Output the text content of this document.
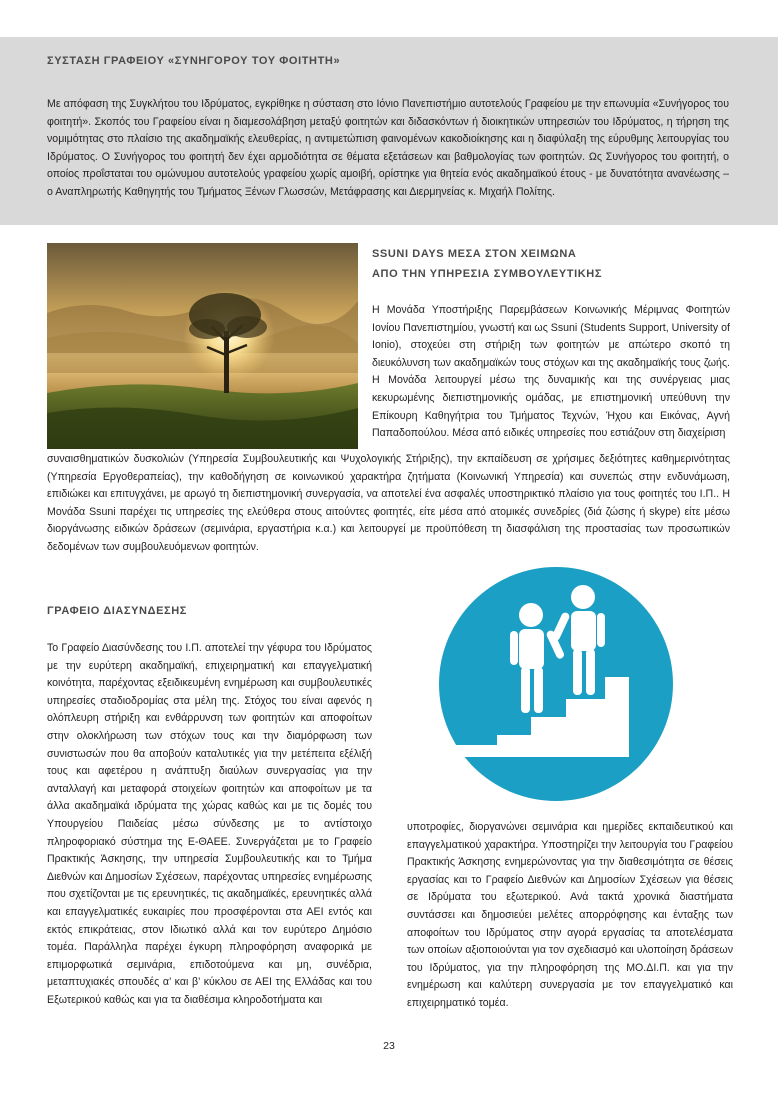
ΣΥΣΤΑΣΗ ΓΡΑΦΕΙΟΥ «ΣΥΝΗΓΟΡΟΥ ΤΟΥ ΦΟΙΤΗΤΗ»

Με απόφαση της Συγκλήτου του Ιδρύματος, εγκρίθηκε η σύσταση στο Ιόνιο Πανεπιστήμιο αυτοτελούς Γραφείου με την επωνυμία «Συνήγορος του φοιτητή». Σκοπός του Γραφείου είναι η διαμεσολάβηση μεταξύ φοιτητών και διδασκόντων ή διοικητικών υπηρεσιών του Ιδρύματος, η τήρηση της νομιμότητας στο πλαίσιο της ακαδημαϊκής ελευθερίας, η αντιμετώπιση φαινομένων κακοδιοίκησης και η διαφύλαξη της εύρυθμης λειτουργίας του Ιδρύματος. Ο Συνήγορος του φοιτητή δεν έχει αρμοδιότητα σε θέματα εξετάσεων και βαθμολογίας των φοιτητών. Ως Συνήγορος του φοιτητή, ο οποίος προΐσταται του ομώνυμου αυτοτελούς γραφείου χωρίς αμοιβή, ορίστηκε για θητεία ενός ακαδημαϊκού έτους - με δυνατότητα ανανέωσης – ο Αναπληρωτής Καθηγητής του Τμήματος Ξένων Γλωσσών, Μετάφρασης και Διερμηνείας κ. Μιχαήλ Πολίτης.

SSUNI DAYS ΜΕΣΑ ΣΤΟΝ ΧΕΙΜΩΝΑ
ΑΠΟ ΤΗΝ ΥΠΗΡΕΣΙΑ ΣΥΜΒΟΥΛΕΥΤΙΚΗΣ

Η Μονάδα Υποστήριξης Παρεμβάσεων Κοινωνικής Μέριμνας Φοιτητών Ιονίου Πανεπιστημίου, γνωστή και ως Ssuni (Students Support, University of Ionio), στοχεύει στη στήριξη των φοιτητών με απώτερο σκοπό τη διευκόλυνση των ακαδημαϊκών τους στόχων και της ακαδημαϊκής τους ζωής. Η Μονάδα λειτουργεί μέσω της δυναμικής και της συνέργειας μιας κεκυρωμένης διεπιστημονικής ομάδας, με επιστημονική υπεύθυνη την Επίκουρη Καθηγήτρια του Τμήματος Τεχνών, Ήχου και Εικόνας, Αγνή Παπαδοπούλου. Μέσα από ειδικές υπηρεσίες που εστιάζουν στη διαχείριση

συναισθηματικών δυσκολιών (Υπηρεσία Συμβουλευτικής και Ψυχολογικής Στήριξης), την εκπαίδευση σε χρήσιμες δεξιότητες καθημερινότητας (Υπηρεσία Εργοθεραπείας), την καθοδήγηση σε κοινωνικού χαρακτήρα ζητήματα (Κοινωνική Υπηρεσία) και συνεπώς στην ενδυνάμωση, επιδιώκει και επιτυγχάνει, με αρωγό τη διεπιστημονική συνεργασία, να αποτελεί ένα ασφαλές υποστηρικτικό πλαίσιο για τους φοιτητές του Ι.Π.. Η Μονάδα Ssuni παρέχει τις υπηρεσίες της ελεύθερα στους αιτούντες φοιτητές, είτε μέσα από ατομικές συνεδρίες (διά ζώσης ή skype) είτε μέσω διοργάνωσης ειδικών δράσεων (σεμινάρια, εργαστήρια κ.α.) και λειτουργεί με προϋπόθεση τη διασφάλιση της προστασίας των προσωπικών δεδομένων των συμβουλευόμενων φοιτητών.

ΓΡΑΦΕΙΟ ΔΙΑΣΥΝΔΕΣΗΣ

Το Γραφείο Διασύνδεσης του Ι.Π. αποτελεί την γέφυρα του Ιδρύματος με την ευρύτερη ακαδημαϊκή, επιχειρηματική και επαγγελματική κοινότητα, παρέχοντας εξειδικευμένη ενημέρωση και συμβουλευτικές υπηρεσίες σταδιοδρομίας στα μέλη της. Στόχος του είναι αφενός η ολόπλευρη στήριξη και ενθάρρυνση των φοιτητών και αποφοίτων στην ολοκλήρωση των στόχων τους και την διαμόρφωση των συνιστωσών που θα αποβούν καταλυτικές για την μετέπειτα εξέλιξή τους και αφετέρου η ανάπτυξη διαύλων συνεργασίας για την ανταλλαγή και μεταφορά στοιχείων φοιτητών και αποφοίτων με τα άλλα ακαδημαϊκά ιδρύματα της χώρας καθώς και με τις δομές του Υπουργείου Παιδείας μέσω σύνδεσης με το αντίστοιχο πληροφοριακό σύστημα της Ε-ΘΑΕΕ. Συνεργάζεται με το Γραφείο Πρακτικής Άσκησης, την υπηρεσία Συμβουλευτικής και το Τμήμα Διεθνών και Δημοσίων Σχέσεων, παρέχοντας υπηρεσίες ενημέρωσης που σχετίζονται με τις ερευνητικές, τις ακαδημαϊκές, ερευνητικές αλλά και επαγγελματικές ευκαιρίες που προσφέρονται στα ΑΕΙ εντός και εκτός επικράτειας, στον Ιδιωτικό αλλά και τον ευρύτερο Δημόσιο τομέα. Παράλληλα παρέχει έγκυρη πληροφόρηση αναφορικά με επιμορφωτικά σεμινάρια, επιδοτούμενα και μη, συνέδρια, μεταπτυχιακές σπουδές α’ και β’ κύκλου σε ΑΕΙ της Ελλάδας και του Εξωτερικού καθώς και για τα διαθέσιμα κληροδοτήματα και

υποτροφίες, διοργανώνει σεμινάρια και ημερίδες εκπαιδευτικού και επαγγελματικού χαρακτήρα. Υποστηρίζει την λειτουργία του Γραφείου Πρακτικής Άσκησης ενημερώνοντας για την διαθεσιμότητα σε θέσεις εργασίας και το Γραφείο Διεθνών και Δημοσίων Σχέσεων για θέσεις σε Ιδρύματα του εξωτερικού. Ανά τακτά χρονικά διαστήματα συντάσσει και δημοσιεύει μελέτες απορρόφησης και ένταξης των αποφοίτων του Ιδρύματος στην αγορά εργασίας τα αποτελέσματα των οποίων αξιοποιούνται για τον σχεδιασμό και υλοποίηση δράσεων του Ιδρύματος, για την πληροφόρηση της ΜΟ.ΔΙ.Π. και για την ενημέρωση και καλύτερη συνεργασία με τον επαγγελματικό και επιχειρηματικό τομέα.

23
